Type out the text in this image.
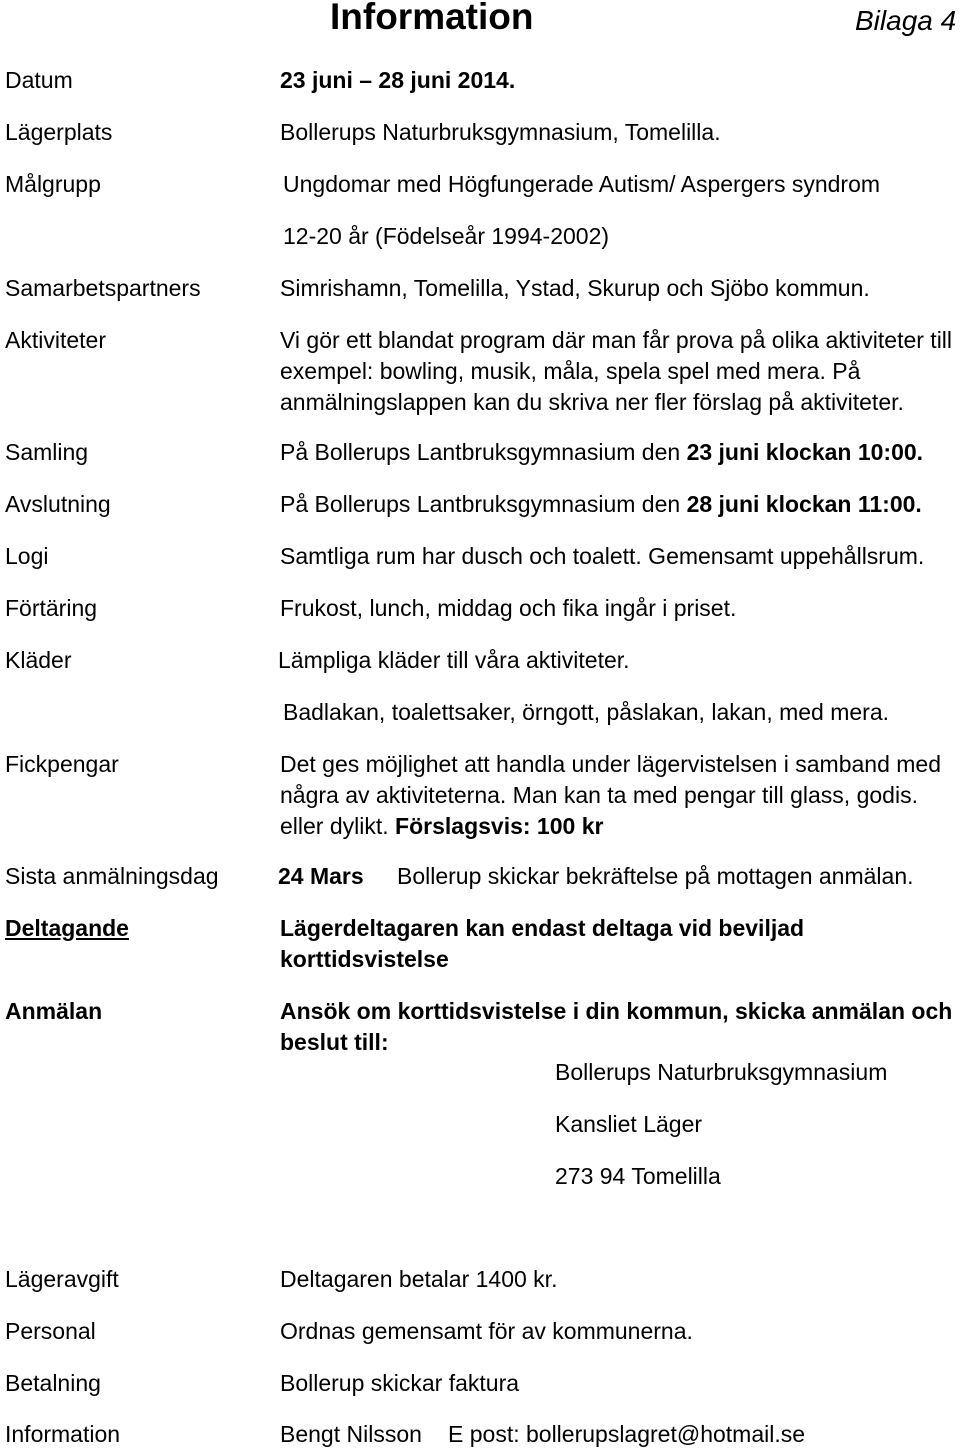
Information	Bilaga 4
Datum	23 juni – 28 juni 2014.
Lägerplats	Bollerups Naturbruksgymnasium, Tomelilla.
Målgrupp	Ungdomar med Högfungerade Autism/ Aspergers syndrom
12-20 år (Födelseår 1994-2002)
Samarbetspartners	Simrishamn, Tomelilla, Ystad, Skurup och Sjöbo kommun.
Aktiviteter	Vi gör ett blandat program där man får prova på olika aktiviteter till
exempel: bowling, musik, måla, spela spel med mera. På
anmälningslappen kan du skriva ner fler förslag på aktiviteter.
Samling	På Bollerups Lantbruksgymnasium den 23 juni klockan 10:00.
Avslutning	På Bollerups Lantbruksgymnasium den 28 juni klockan 11:00.
Logi	Samtliga rum har dusch och toalett. Gemensamt uppehållsrum.
Förtäring	Frukost, lunch, middag och fika ingår i priset.
Kläder	Lämpliga kläder till våra aktiviteter.
Badlakan, toalettsaker, örngott, påslakan, lakan, med mera.
Fickpengar	Det ges möjlighet att handla under lägervistelsen i samband med
några av aktiviteterna. Man kan ta med pengar till glass, godis.
eller dylikt. Förslagsvis: 100 kr
Sista anmälningsdag	24 Mars Bollerup skickar bekräftelse på mottagen anmälan.
Deltagande	Lägerdeltagaren kan endast deltaga vid beviljad
korttidsvistelse
Anmälan	Ansök om korttidsvistelse i din kommun, skicka anmälan och
beslut till:
Bollerups Naturbruksgymnasium
Kansliet Läger
273 94 Tomelilla
Lägeravgift	Deltagaren betalar 1400 kr.
Personal	Ordnas gemensamt för av kommunerna.
Betalning	Bollerup skickar faktura
Information	Bengt Nilsson E post: bollerupslagret@hotmail.se
